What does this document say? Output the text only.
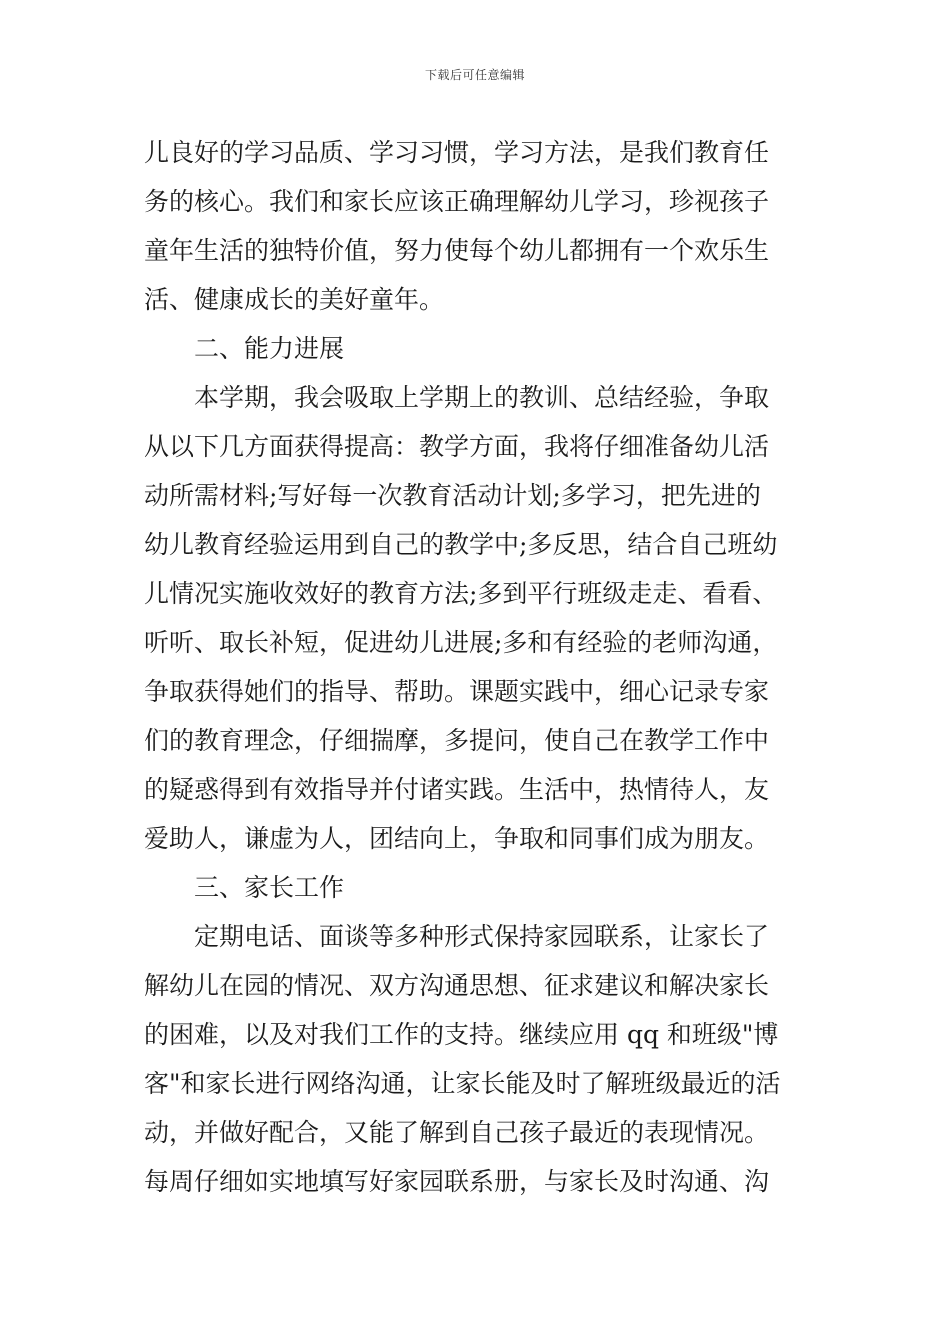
下载后可任意编辑
儿良好的学习品质、学习习惯，学习方法，是我们教育任
务的核心。我们和家长应该正确理解幼儿学习，珍视孩子
童年生活的独特价值，努力使每个幼儿都拥有一个欢乐生
活、健康成长的美好童年。
二、能力进展
本学期，我会吸取上学期上的教训、总结经验，争取
从以下几方面获得提高：教学方面，我将仔细准备幼儿活
动所需材料;写好每一次教育活动计划;多学习，把先进的
幼儿教育经验运用到自己的教学中;多反思，结合自己班幼
儿情况实施收效好的教育方法;多到平行班级走走、看看、
听听、取长补短，促进幼儿进展;多和有经验的老师沟通，
争取获得她们的指导、帮助。课题实践中，细心记录专家
们的教育理念，仔细揣摩，多提问，使自己在教学工作中
的疑惑得到有效指导并付诸实践。生活中，热情待人，友
爱助人，谦虚为人，团结向上，争取和同事们成为朋友。
三、家长工作
定期电话、面谈等多种形式保持家园联系，让家长了
解幼儿在园的情况、双方沟通思想、征求建议和解决家长
的困难，以及对我们工作的支持。继续应用 qq 和班级"博
客"和家长进行网络沟通，让家长能及时了解班级最近的活
动，并做好配合，又能了解到自己孩子最近的表现情况。
每周仔细如实地填写好家园联系册，与家长及时沟通、沟
